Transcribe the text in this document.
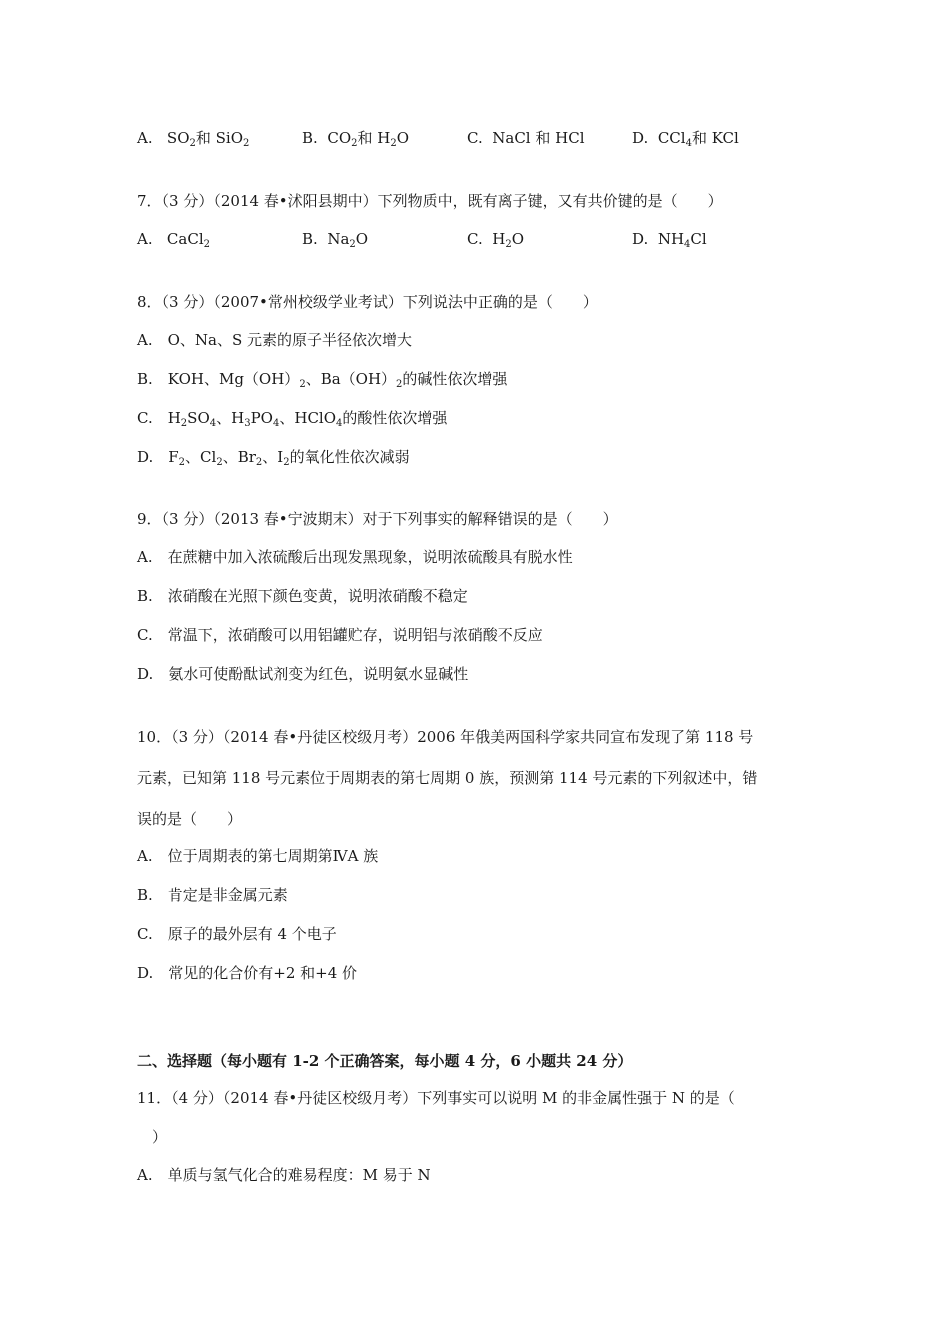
A. $SO_2$和 SiO$_2$	B. $CO_2$和 $H_2O$	C. NaCl 和 HCl	D. CCl$_4$和 KCl
7．（3 分）（2014 春•沭阳县期中）下列物质中，既有离子键，又有共价键的是（　　）
A. CaCl$_2$	B. $Na_2O$	C. $H_2O$	D. $NH_4Cl$
8．（3 分）（2007•常州校级学业考试）下列说法中正确的是（　　）
A.　O、Na、S 元素的原子半径依次增大
B.　KOH、$Mg(OH)_2$、$Ba(OH)_2$的碱性依次增强
C.　$H_2SO_4$、$H_3PO_4$、HClO$_4$的酸性依次增强
D.　$F_2$、$Cl_2$、$Br_2$、$I_2$的氧化性依次减弱
9．（3 分）（2013 春•宁波期末）对于下列事实的解释错误的是（　　）
A.　在蔗糖中加入浓硫酸后出现发黑现象，说明浓硫酸具有脱水性
B.　浓硝酸在光照下颜色变黄，说明浓硝酸不稳定
C.　常温下，浓硝酸可以用铝罐贮存，说明铝与浓硝酸不反应
D.　氨水可使酚酞试剂变为红色，说明氨水显碱性
10．（3 分）（2014 春•丹徒区校级月考）2006 年俄美两国科学家共同宣布发现了第 118 号
元素，已知第 118 号元素位于周期表的第七周期 0 族，预测第 114 号元素的下列叙述中，错
误的是（　　）
A.　位于周期表的第七周期第ⅣA 族
B.　肯定是非金属元素
C.　原子的最外层有 4 个电子
D.　常见的化合价有+2 和+4 价
二、选择题（每小题有 1-2 个正确答案，每小题 4 分，6 小题共 24 分）
11．（4 分）（2014 春•丹徒区校级月考）下列事实可以说明 M 的非金属性强于 N 的是（
）
A.　单质与氢气化合的难易程度：M 易于 N
